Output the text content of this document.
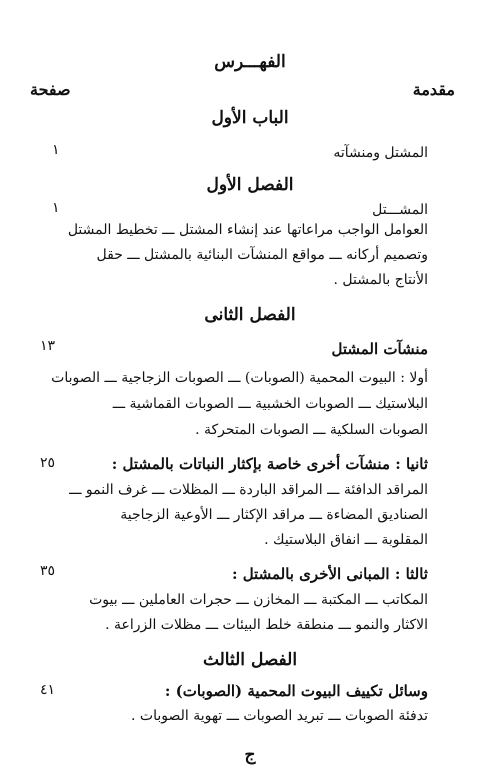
الفهـــرس
مقدمة
صفحة
الباب الأول
المشتل ومنشآته
١
الفصل الأول
المشـــتل
١
العوامل الواجب مراعاتها عند إنشاء المشتل ـــ تخطيط المشتل
وتصميم أركانه ـــ مواقع المنشآت البنائية بالمشتل ـــ حقل
الأنتاج بالمشتل .
الفصل الثانى
منشآت المشتل
١٣
أولا : البيوت المحمية (الصوبات) ـــ الصوبات الزجاجية ـــ الصوبات
البلاستيك ـــ الصوبات الخشبية ـــ الصوبات القماشية ـــ
الصوبات السلكية ـــ الصوبات المتحركة .
ثانيا : منشآت أخرى خاصة بإكثار النباتات بالمشتل :
٢٥
المراقد الدافئة ـــ المراقد الباردة ـــ المظلات ـــ غرف النمو ـــ
الصناديق المضاءة ـــ مراقد الإكثار ـــ الأوعية الزجاجية
المقلوبة ـــ انفاق البلاستيك .
ثالثا : المبانى الأخرى بالمشتل :
٣٥
المكاتب ـــ المكتبة ـــ المخازن ـــ حجرات العاملين ـــ بيوت
الاكثار والنمو ـــ منطقة خلط البيئات ـــ مظلات الزراعة .
الفصل الثالث
وسائل تكييف البيوت المحمية (الصوبات) :
٤١
تدفئة الصوبات ـــ تبريد الصوبات ـــ تهوية الصوبات .
ج
